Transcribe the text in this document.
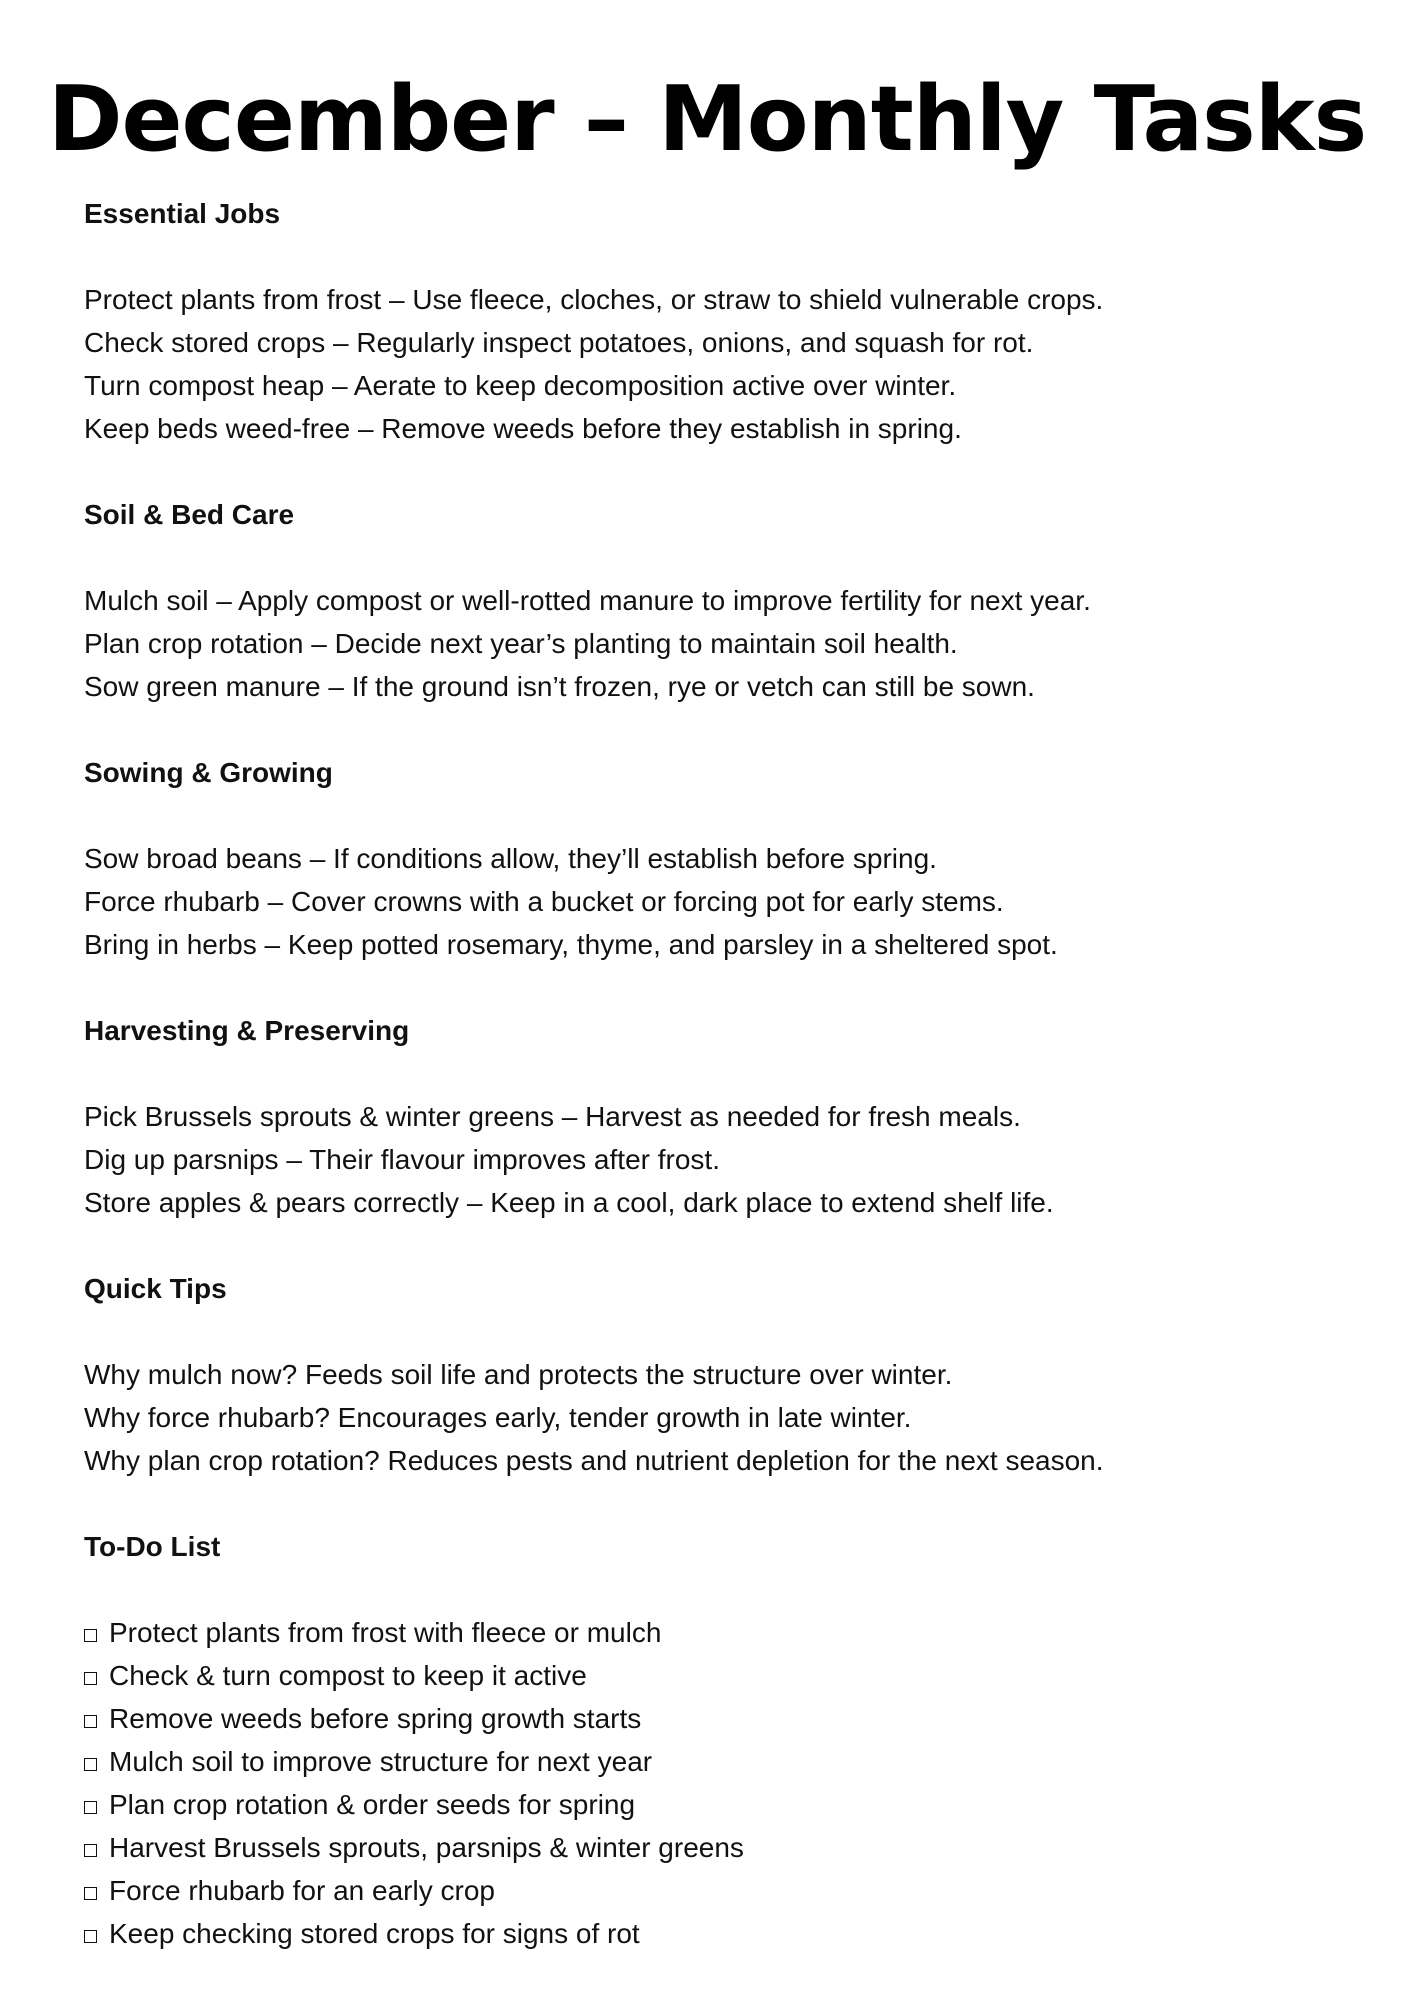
December – Monthly Tasks

Essential Jobs

Protect plants from frost – Use fleece, cloches, or straw to shield vulnerable crops.

Check stored crops – Regularly inspect potatoes, onions, and squash for rot.

Turn compost heap – Aerate to keep decomposition active over winter.

Keep beds weed-free – Remove weeds before they establish in spring.

Soil & Bed Care

Mulch soil – Apply compost or well-rotted manure to improve fertility for next year.

Plan crop rotation – Decide next year’s planting to maintain soil health.

Sow green manure – If the ground isn’t frozen, rye or vetch can still be sown.

Sowing & Growing

Sow broad beans – If conditions allow, they’ll establish before spring.

Force rhubarb – Cover crowns with a bucket or forcing pot for early stems.

Bring in herbs – Keep potted rosemary, thyme, and parsley in a sheltered spot.

Harvesting & Preserving

Pick Brussels sprouts & winter greens – Harvest as needed for fresh meals.

Dig up parsnips – Their flavour improves after frost.

Store apples & pears correctly – Keep in a cool, dark place to extend shelf life.

Quick Tips

Why mulch now? Feeds soil life and protects the structure over winter.

Why force rhubarb? Encourages early, tender growth in late winter.

Why plan crop rotation? Reduces pests and nutrient depletion for the next season.

To-Do List

Protect plants from frost with fleece or mulch
Check & turn compost to keep it active
Remove weeds before spring growth starts
Mulch soil to improve structure for next year
Plan crop rotation & order seeds for spring
Harvest Brussels sprouts, parsnips & winter greens
Force rhubarb for an early crop
Keep checking stored crops for signs of rot
